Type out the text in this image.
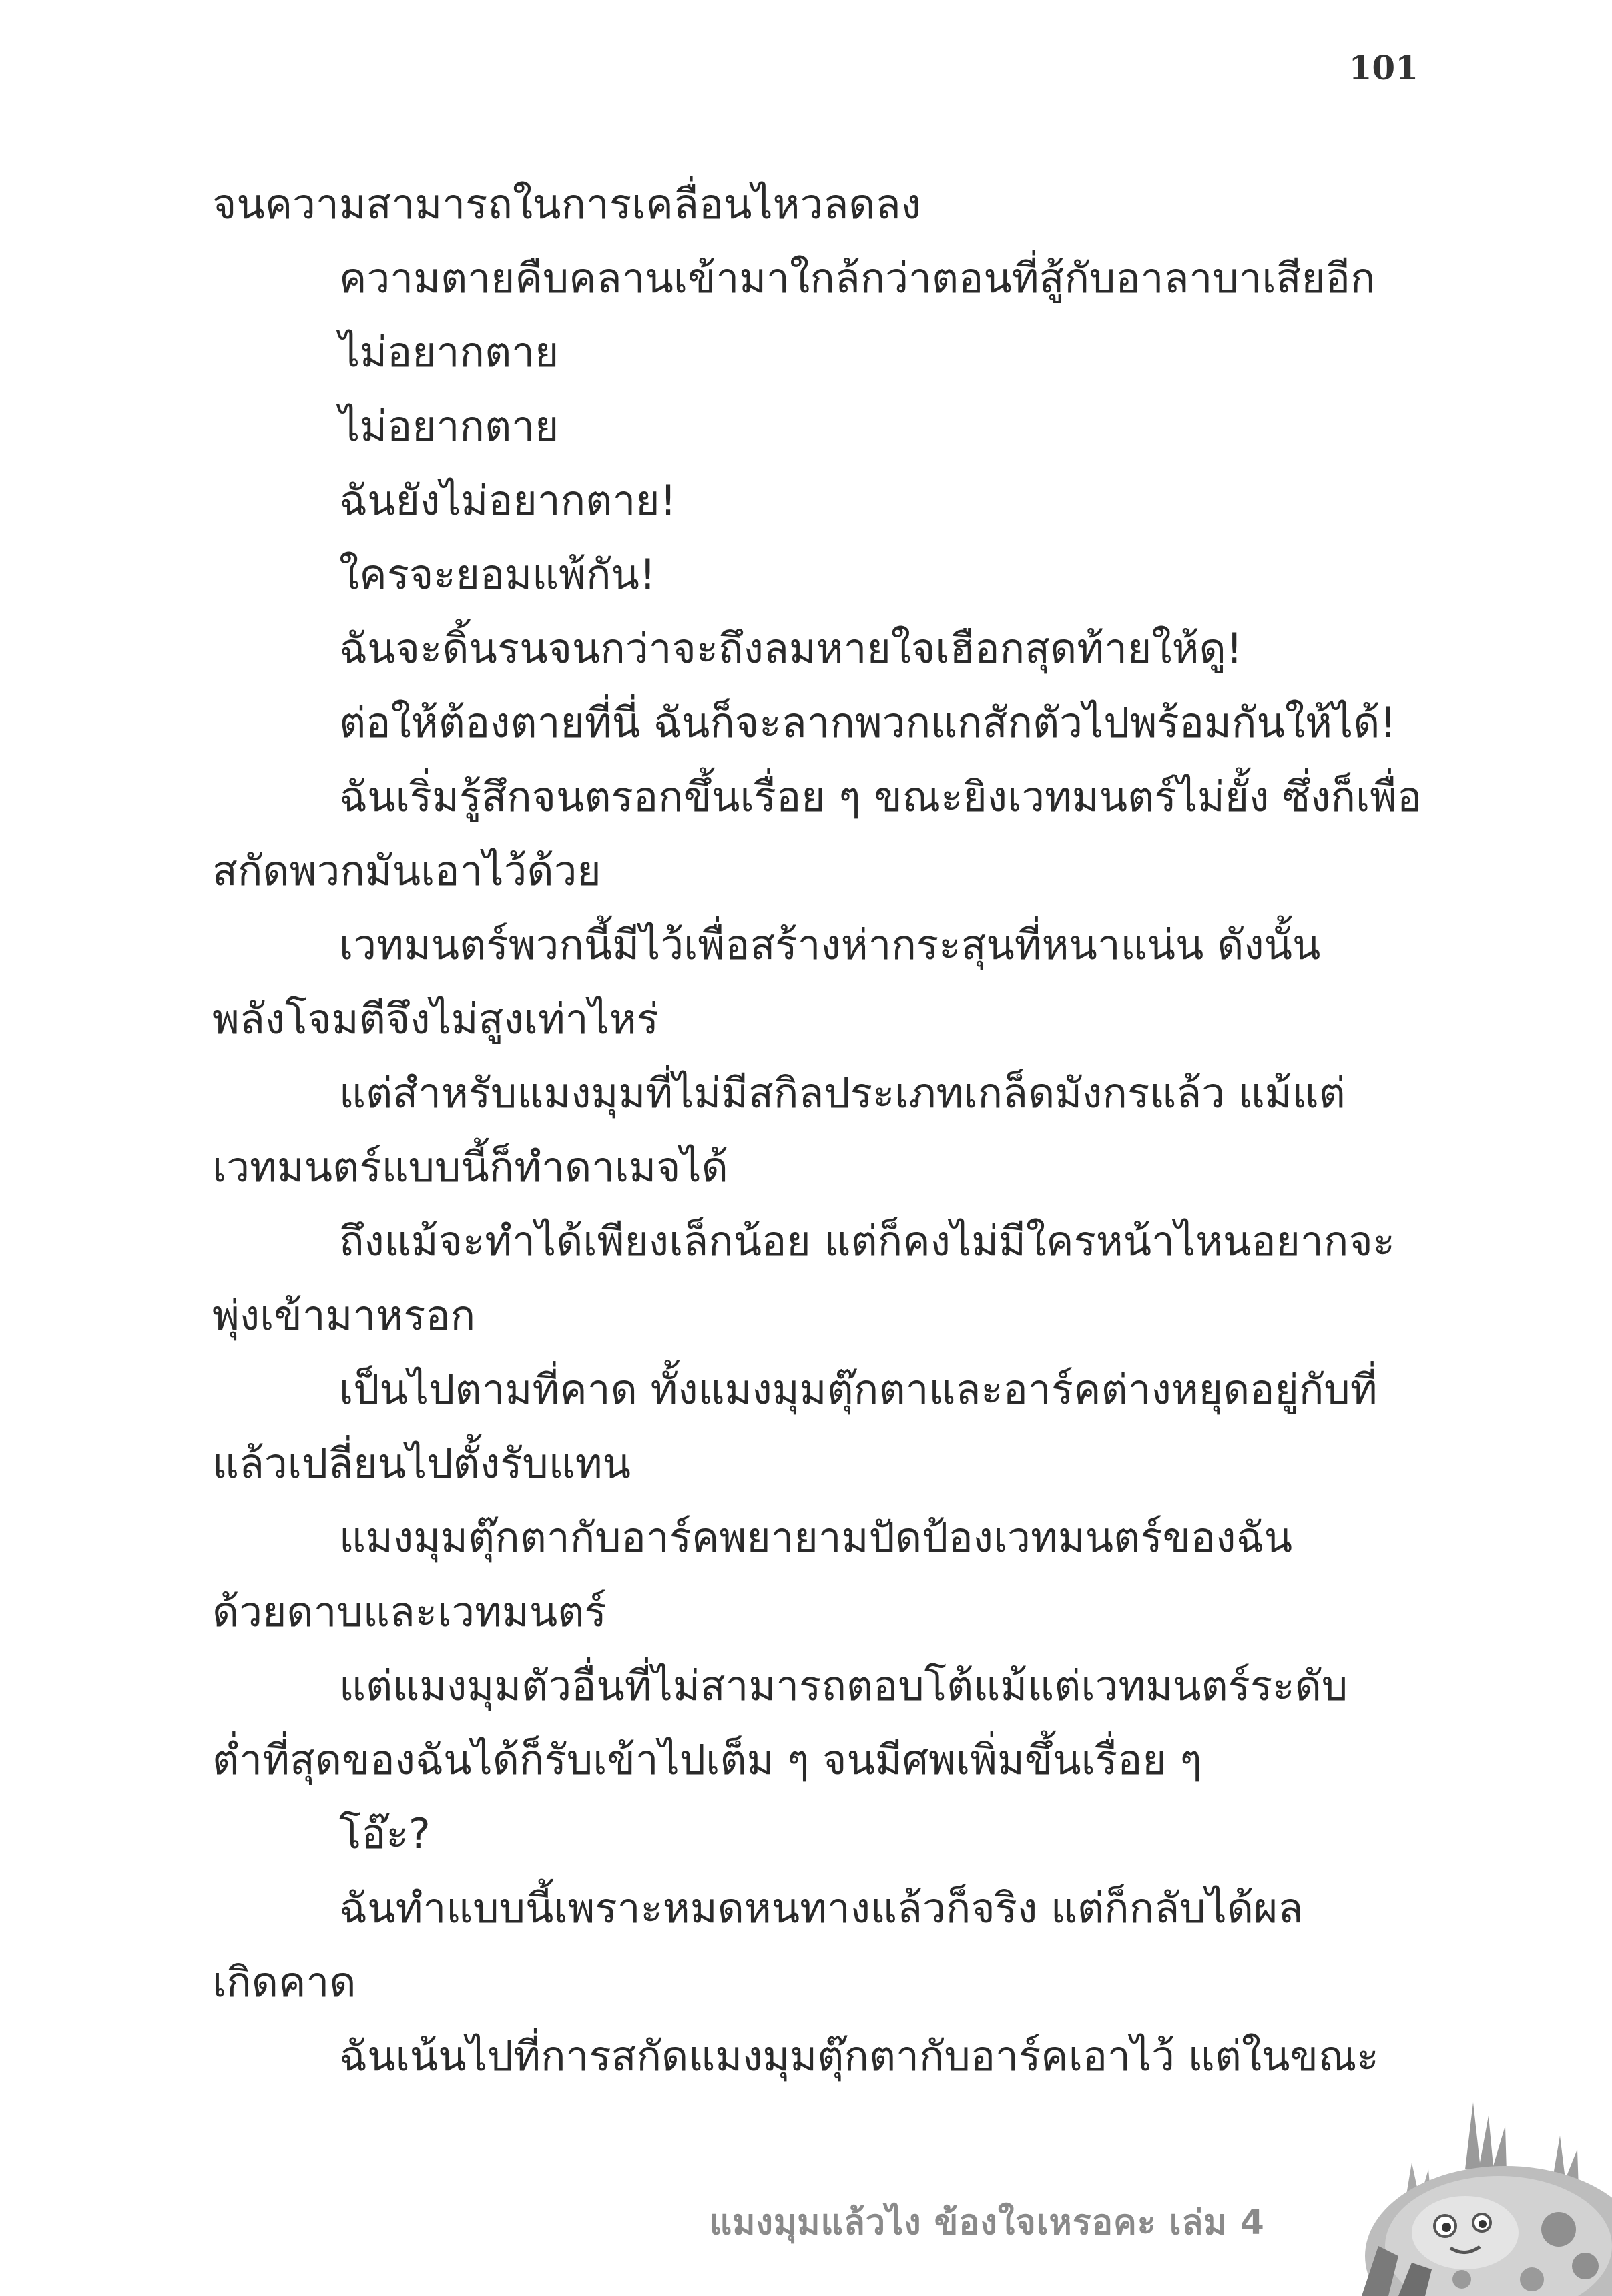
101
จนความสามารถในการเคลื่อนไหวลดลง
ความตายคืบคลานเข้ามาใกล้กว่าตอนที่สู้กับอาลาบาเสียอีก
ไม่อยากตาย
ไม่อยากตาย
ฉันยังไม่อยากตาย!
ใครจะยอมแพ้กัน!
ฉันจะดิ้นรนจนกว่าจะถึงลมหายใจเฮือกสุดท้ายให้ดู!
ต่อให้ต้องตายที่นี่ ฉันก็จะลากพวกแกสักตัวไปพร้อมกันให้ได้!
ฉันเริ่มรู้สึกจนตรอกขึ้นเรื่อย ๆ ขณะยิงเวทมนตร์ไม่ยั้ง ซึ่งก็เพื่อ
สกัดพวกมันเอาไว้ด้วย
เวทมนตร์พวกนี้มีไว้เพื่อสร้างห่ากระสุนที่หนาแน่น ดังนั้น
พลังโจมตีจึงไม่สูงเท่าไหร่
แต่สำหรับแมงมุมที่ไม่มีสกิลประเภทเกล็ดมังกรแล้ว แม้แต่
เวทมนตร์แบบนี้ก็ทำดาเมจได้
ถึงแม้จะทำได้เพียงเล็กน้อย แต่ก็คงไม่มีใครหน้าไหนอยากจะ
พุ่งเข้ามาหรอก
เป็นไปตามที่คาด ทั้งแมงมุมตุ๊กตาและอาร์คต่างหยุดอยู่กับที่
แล้วเปลี่ยนไปตั้งรับแทน
แมงมุมตุ๊กตากับอาร์คพยายามปัดป้องเวทมนตร์ของฉัน
ด้วยดาบและเวทมนตร์
แต่แมงมุมตัวอื่นที่ไม่สามารถตอบโต้แม้แต่เวทมนตร์ระดับ
ต่ำที่สุดของฉันได้ก็รับเข้าไปเต็ม ๆ จนมีศพเพิ่มขึ้นเรื่อย ๆ
โอ๊ะ?
ฉันทำแบบนี้เพราะหมดหนทางแล้วก็จริง แต่ก็กลับได้ผล
เกิดคาด
ฉันเน้นไปที่การสกัดแมงมุมตุ๊กตากับอาร์คเอาไว้ แต่ในขณะ
แมงมุมแล้วไง ข้องใจเหรอคะ เล่ม 4
